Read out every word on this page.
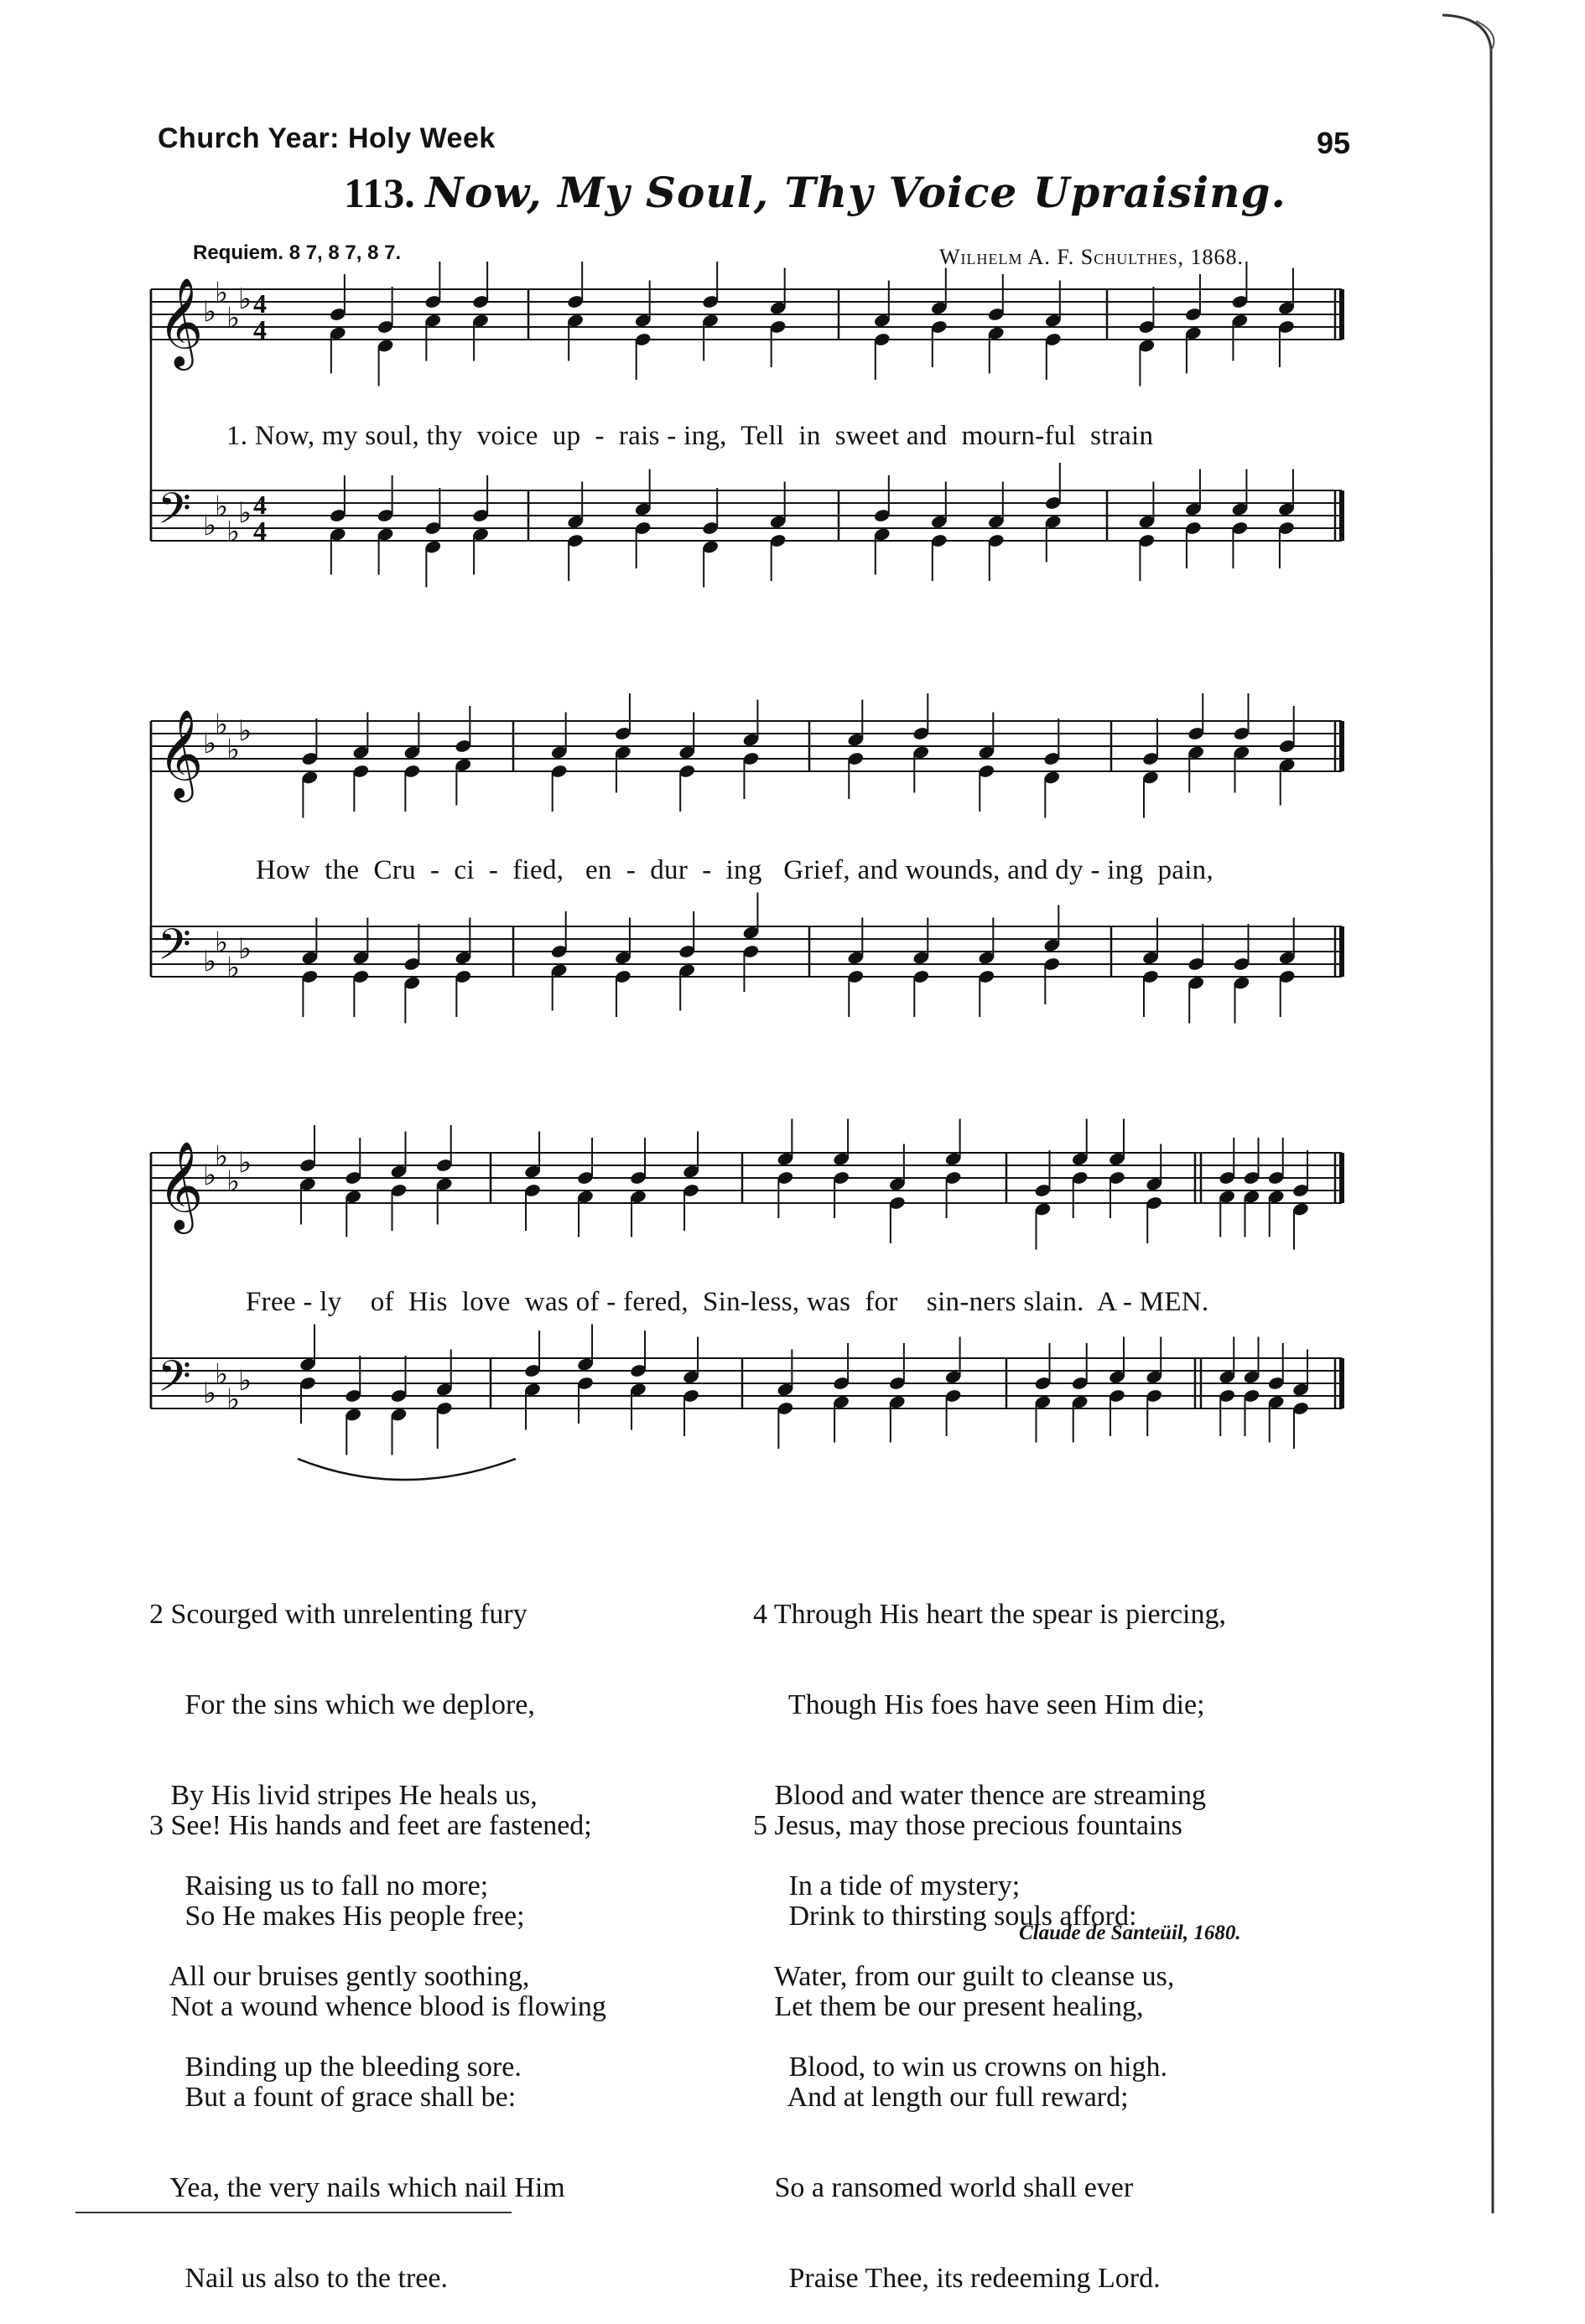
Church Year: Holy Week	95
113. Now, My Soul, Thy Voice Upraising.
Requiem. 8 7, 8 7, 8 7.	Wilhelm A. F. Schulthes, 1868.
𝄞 ♭
♭
♭
♭ 4
4
𝄢 ♭
♭
♭
♭ 4
4
𝄞 ♭
♭
♭
♭
𝄢 ♭
♭
♭
♭
𝄞 ♭
♭
♭
♭
𝄢 ♭
♭
♭
♭
1. Now, my soul, thy  voice  up  -  rais - ing,  Tell  in  sweet and  mourn-ful  strain
How  the  Cru  -  ci  -  fied,   en  -  dur  -  ing   Grief, and wounds, and dy - ing  pain,
Free - ly    of  His  love  was of - fered,  Sin-less, was  for    sin-ners slain.  A - MEN.

2 Scourged with unrelenting fury

For the sins which we deplore,

By His livid stripes He heals us,

Raising us to fall no more;

All our bruises gently soothing,

Binding up the bleeding sore.

3 See! His hands and feet are fastened;

So He makes His people free;

Not a wound whence blood is flowing

But a fount of grace shall be:

Yea, the very nails which nail Him

Nail us also to the tree.

4 Through His heart the spear is piercing,

Though His foes have seen Him die;

Blood and water thence are streaming

In a tide of mystery;

Water, from our guilt to cleanse us,

Blood, to win us crowns on high.

5 Jesus, may those precious fountains

Drink to thirsting souls afford:

Let them be our present healing,

And at length our full reward;

So a ransomed world shall ever

Praise Thee, its redeeming Lord.

Claude de Santeüil, 1680.
